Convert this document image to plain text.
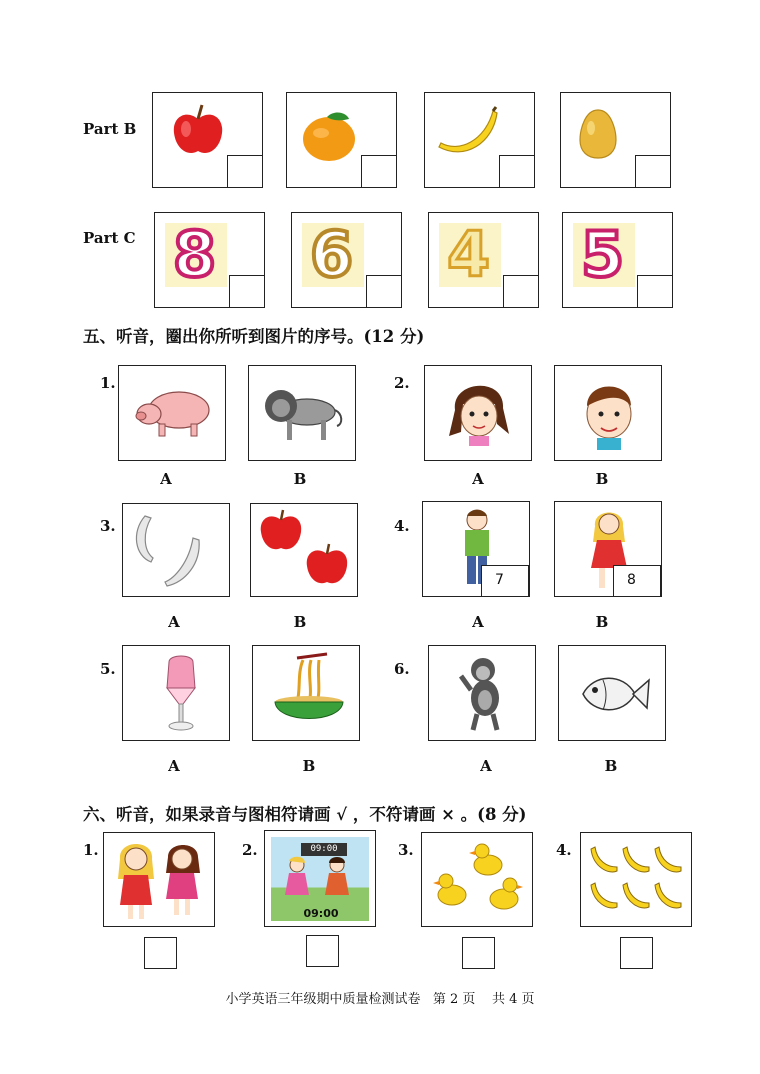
Part B
Part C 8 6 4 5
五、听音，圈出你所听到图片的序号。(12 分)
1.
A	B
2.
A	B
3.
A	B
4.
7	8
A	B
5.
A	B
6.
A	B
六、听音，如果录音与图相符请画 √ ，不符请画 × 。(8 分)
1.	2.	09:00
09:00
3.	4.
小学英语三年级期中质量检测试卷   第 2 页    共 4 页
